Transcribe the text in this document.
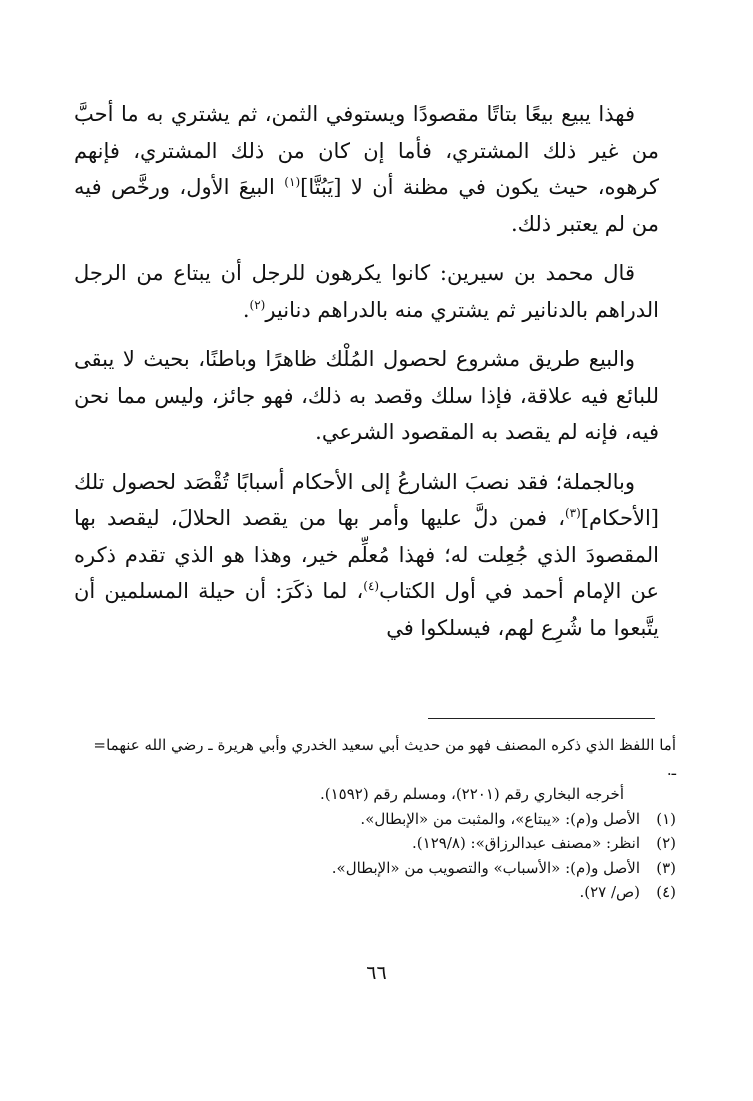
فهذا يبيع بيعًا بتاتًا مقصودًا ويستوفي الثمن، ثم يشتري به ما أحبَّ من غير ذلك المشتري، فأما إن كان من ذلك المشتري، فإنهم كرهوه، حيث يكون في مظنة أن لا [يَبُتَّا]$^{(١)}$ البيعَ الأول، ورخَّص فيه من لم يعتبر ذلك.

قال محمد بن سيرين: كانوا يكرهون للرجل أن يبتاع من الرجل الدراهم بالدنانير ثم يشتري منه بالدراهم دنانير$^{(٢)}$.

والبيع طريق مشروع لحصول المُلْك ظاهرًا وباطنًا، بحيث لا يبقى للبائع فيه علاقة، فإذا سلك وقصد به ذلك، فهو جائز، وليس مما نحن فيه، فإنه لم يقصد به المقصود الشرعي.

وبالجملة؛ فقد نصبَ الشارعُ إلى الأحكام أسبابًا تُقْصَد لحصول تلك [الأحكام]$^{(٣)}$، فمن دلَّ عليها وأمر بها من يقصد الحلالَ، ليقصد بها المقصودَ الذي جُعِلت له؛ فهذا مُعلِّم خير، وهذا هو الذي تقدم ذكره عن الإمام أحمد في أول الكتاب$^{(٤)}$، لما ذكَرَ: أن حيلة المسلمين أن يتَّبعوا ما شُرِع لهم، فيسلكوا في

أما اللفظ الذي ذكره المصنف فهو من حديث أبي سعيد الخدري وأبي هريرة ـ رضي الله عنهما ـ.
=
أخرجه البخاري رقم (٢٢٠١)، ومسلم رقم (١٥٩٢).
(١)
الأصل و(م): «يبتاع»، والمثبت من «الإبطال».
(٢)
انظر: «مصنف عبدالرزاق»: (١٢٩/٨).
(٣)
الأصل و(م): «الأسباب» والتصويب من «الإبطال».
(٤)
(ص/ ٢٧).
٦٦
